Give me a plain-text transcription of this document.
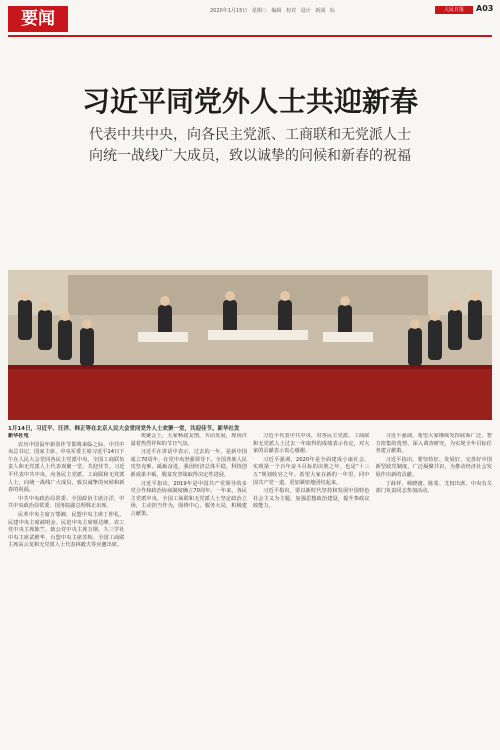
要闻	2020年1月15日 星期三 编辑 校对 设计 新闻 标	人民日报	A03
习近平同党外人士共迎新春
代表中共中央，向各民主党派、工商联和无党派人士
向统一战线广大成员，致以诚挚的问候和新春的祝福
1月14日，习近平、汪洋、韩正等在北京人民大会堂同党外人士欢聚一堂，共迎佳节。新华社发

新华社电

农历中国鼠年新春佳节即将来临之际，中共中央总书记、国家主席、中央军委主席习近平14日下午在人民大会堂同各民主党派中央、全国工商联负责人和无党派人士代表欢聚一堂，共迎佳节。习近平代表中共中央，向各民主党派、工商联和无党派人士，向统一战线广大成员，致以诚挚的问候和新春的祝福。

中共中央政治局常委、全国政协主席汪洋，中共中央政治局常委、国务院副总理韩正出席。

民革中央主席万鄂湘、民盟中央主席丁仲礼、民建中央主席郝明金、民进中央主席蔡达峰、农工党中央主席陈竺、致公党中央主席万钢、九三学社中央主席武维华、台盟中央主席苏辉、全国工商联主席高云龙和无党派人士代表林毅夫等应邀出席。

欢聚会上，大家畅叙友情，共话发展，现场洋溢着热烈祥和的节日气氛。

习近平在讲话中表示，过去的一年，是新中国成立70周年，在党中央坚强领导下，全国各族人民攻坚克难、砥砺奋进，我国经济总体平稳，科技创新成果丰硕，脱贫攻坚战取得决定性进展。

习近平指出，2019年是中国共产党领导的多党合作和政治协商制度确立70周年。一年来，各民主党派中央、全国工商联和无党派人士坚定政治立场，主动担当作为，围绕中心，服务大局，积极建言献策。

习近平代表中共中央，对各民主党派、工商联和无党派人士过去一年取得的成绩表示肯定，对大家的贡献表示衷心感谢。

习近平强调，2020年是全面建成小康社会、实现第一个百年奋斗目标的决胜之年，也是“十三五”规划收官之年。希望大家在新的一年里，同中国共产党一道，更加紧密地团结起来。

习近平指出，要以新时代坚持和发展中国特色社会主义为主题，加强思想政治建设，提升参政议政能力。

习近平强调，希望大家继续发挥联系广泛、智力密集的优势，深入调查研究，为实现全年目标任务建言献策。

习近平指出，要坚持好、发展好、完善好中国新型政党制度，广泛凝聚共识，为推动经济社会发展作出新的贡献。

丁薛祥、杨晓渡、陈希、尤权出席，中央有关部门负责同志参加活动。
